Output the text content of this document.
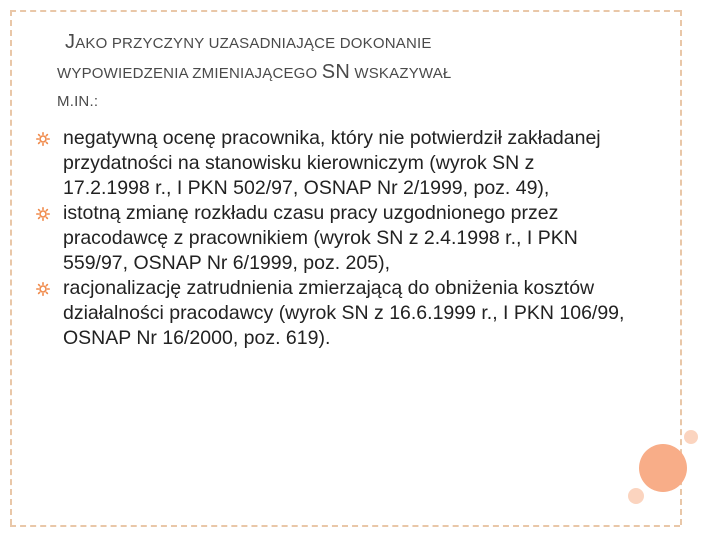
JAKO PRZYCZYNY UZASADNIAJĄCE DOKONANIE
WYPOWIEDZENIA ZMIENIAJĄCEGO SN WSKAZYWAŁ
M.IN.:
negatywną ocenę pracownika, który nie potwierdził zakładanej przydatności na stanowisku kierowniczym (wyrok SN z 17.2.1998 r., I PKN 502/97, OSNAP Nr 2/1999, poz. 49),
istotną zmianę rozkładu czasu pracy uzgodnionego przez pracodawcę z pracownikiem (wyrok SN z 2.4.1998 r., I PKN 559/97, OSNAP Nr 6/1999, poz. 205),
racjonalizację zatrudnienia zmierzającą do obniżenia kosztów działalności pracodawcy (wyrok SN z 16.6.1999 r., I PKN 106/99, OSNAP Nr 16/2000, poz. 619).
